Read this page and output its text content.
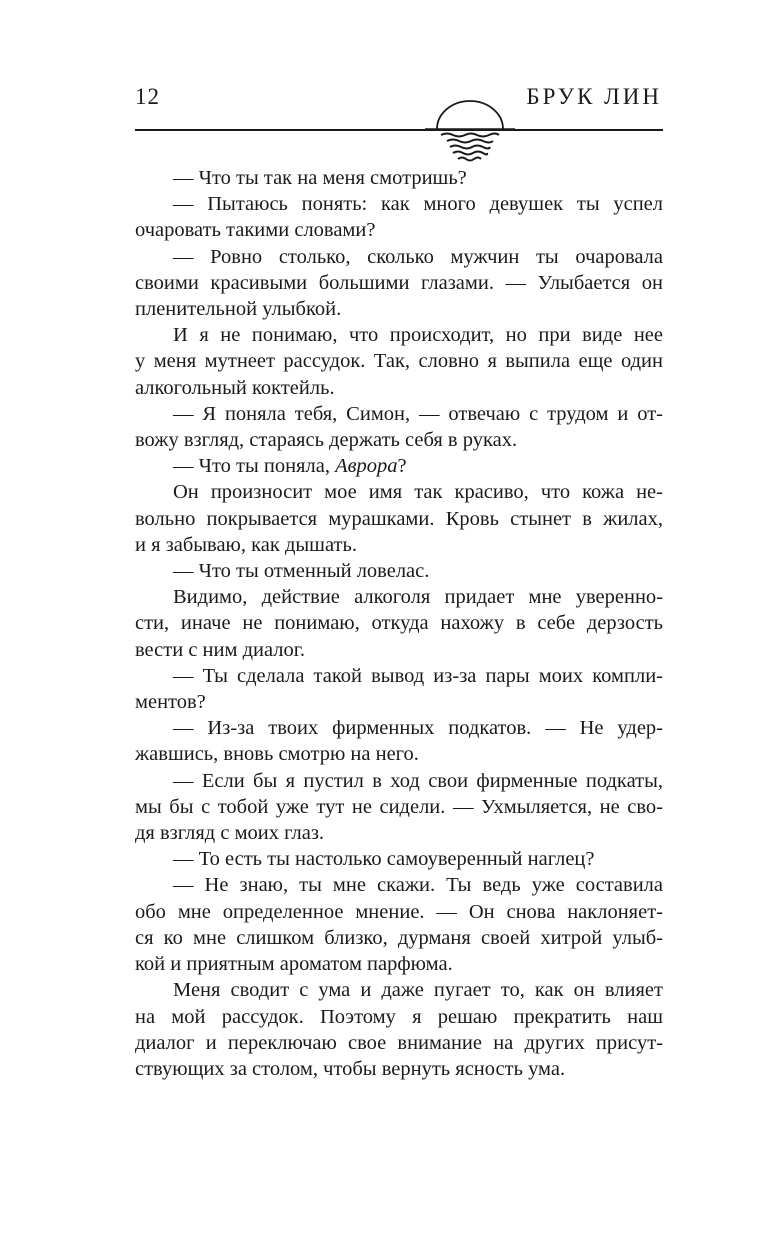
12	БРУК ЛИН
— Что ты так на меня смотришь?
— Пытаюсь понять: как много девушек ты успел
очаровать такими словами?
— Ровно столько, сколько мужчин ты очаровала
своими красивыми большими глазами. — Улыбается он
пленительной улыбкой.
И я не понимаю, что происходит, но при виде нее
у меня мутнеет рассудок. Так, словно я выпила еще один
алкогольный коктейль.
— Я поняла тебя, Симон, — отвечаю с трудом и от-
вожу взгляд, стараясь держать себя в руках.
— Что ты поняла, Аврора?
Он произносит мое имя так красиво, что кожа не-
вольно покрывается мурашками. Кровь стынет в жилах,
и я забываю, как дышать.
— Что ты отменный ловелас.
Видимо, действие алкоголя придает мне уверенно-
сти, иначе не понимаю, откуда нахожу в себе дерзость
вести с ним диалог.
— Ты сделала такой вывод из-за пары моих компли-
ментов?
— Из-за твоих фирменных подкатов. — Не удер-
жавшись, вновь смотрю на него.
— Если бы я пустил в ход свои фирменные подкаты,
мы бы с тобой уже тут не сидели. — Ухмыляется, не сво-
дя взгляд с моих глаз.
— То есть ты настолько самоуверенный наглец?
— Не знаю, ты мне скажи. Ты ведь уже составила
обо мне определенное мнение. — Он снова наклоняет-
ся ко мне слишком близко, дурманя своей хитрой улыб-
кой и приятным ароматом парфюма.
Меня сводит с ума и даже пугает то, как он влияет
на мой рассудок. Поэтому я решаю прекратить наш
диалог и переключаю свое внимание на других присут-
ствующих за столом, чтобы вернуть ясность ума.
